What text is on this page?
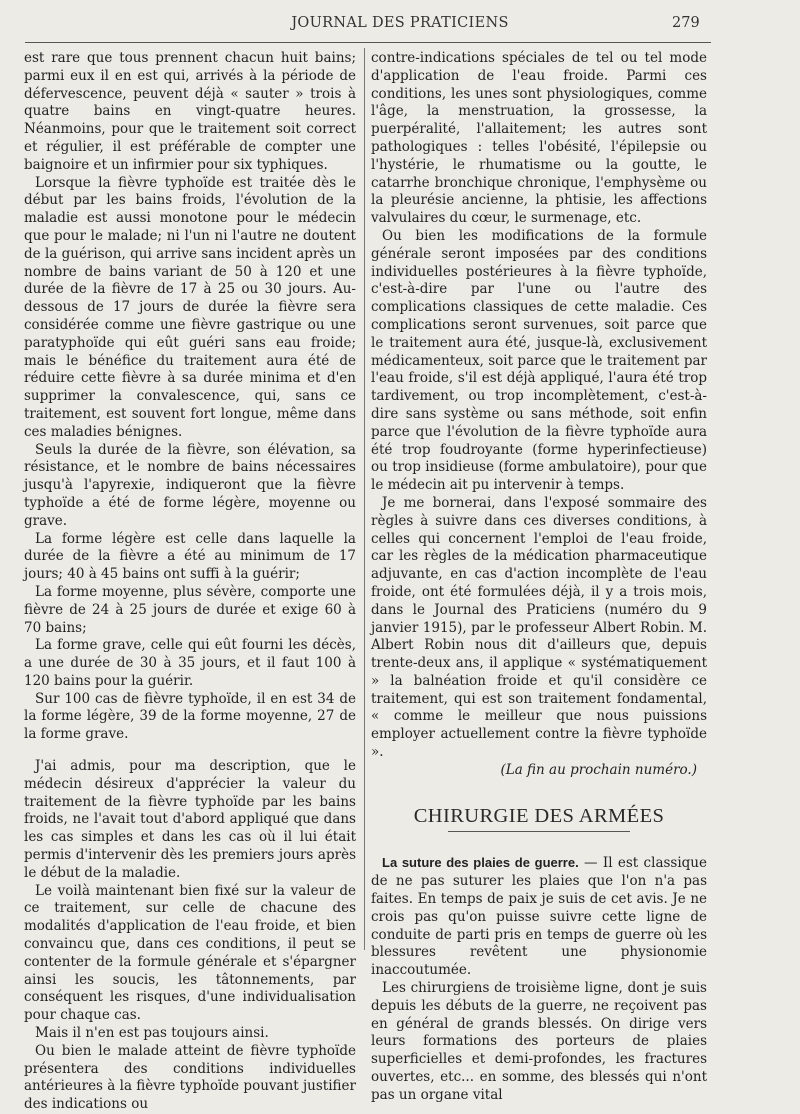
JOURNAL DES PRATICIENS	279

est rare que tous prennent chacun huit bains; parmi eux il en est qui, arrivés à la période de défervescence, peuvent déjà « sauter » trois à quatre bains en vingt-quatre heures. Néanmoins, pour que le traitement soit correct et régulier, il est préférable de compter une baignoire et un infirmier pour six typhiques.

Lorsque la fièvre typhoïde est traitée dès le début par les bains froids, l'évolution de la maladie est aussi monotone pour le médecin que pour le malade; ni l'un ni l'autre ne doutent de la guérison, qui arrive sans incident après un nombre de bains variant de 50 à 120 et une durée de la fièvre de 17 à 25 ou 30 jours. Au-dessous de 17 jours de durée la fièvre sera considérée comme une fièvre gastrique ou une paratyphoïde qui eût guéri sans eau froide; mais le bénéfice du traitement aura été de réduire cette fièvre à sa durée minima et d'en supprimer la convalescence, qui, sans ce traitement, est souvent fort longue, même dans ces maladies bénignes.

Seuls la durée de la fièvre, son élévation, sa résistance, et le nombre de bains nécessaires jusqu'à l'apyrexie, indiqueront que la fièvre typhoïde a été de forme légère, moyenne ou grave.

La forme légère est celle dans laquelle la durée de la fièvre a été au minimum de 17 jours; 40 à 45 bains ont suffi à la guérir;

La forme moyenne, plus sévère, comporte une fièvre de 24 à 25 jours de durée et exige 60 à 70 bains;

La forme grave, celle qui eût fourni les décès, a une durée de 30 à 35 jours, et il faut 100 à 120 bains pour la guérir.

Sur 100 cas de fièvre typhoïde, il en est 34 de la forme légère, 39 de la forme moyenne, 27 de la forme grave.

J'ai admis, pour ma description, que le médecin désireux d'apprécier la valeur du traitement de la fièvre typhoïde par les bains froids, ne l'avait tout d'abord appliqué que dans les cas simples et dans les cas où il lui était permis d'intervenir dès les premiers jours après le début de la maladie.

Le voilà maintenant bien fixé sur la valeur de ce traitement, sur celle de chacune des modalités d'application de l'eau froide, et bien convaincu que, dans ces conditions, il peut se contenter de la formule générale et s'épargner ainsi les soucis, les tâtonnements, par conséquent les risques, d'une individualisation pour chaque cas.

Mais il n'en est pas toujours ainsi.

Ou bien le malade atteint de fièvre typhoïde présentera des conditions individuelles antérieures à la fièvre typhoïde pouvant justifier des indications ou

contre-indications spéciales de tel ou tel mode d'application de l'eau froide. Parmi ces conditions, les unes sont physiologiques, comme l'âge, la menstruation, la grossesse, la puerpéralité, l'allaitement; les autres sont pathologiques : telles l'obésité, l'épilepsie ou l'hystérie, le rhumatisme ou la goutte, le catarrhe bronchique chronique, l'emphysème ou la pleurésie ancienne, la phtisie, les affections valvulaires du cœur, le surmenage, etc.

Ou bien les modifications de la formule générale seront imposées par des conditions individuelles postérieures à la fièvre typhoïde, c'est-à-dire par l'une ou l'autre des complications classiques de cette maladie. Ces complications seront survenues, soit parce que le traitement aura été, jusque-là, exclusivement médicamenteux, soit parce que le traitement par l'eau froide, s'il est déjà appliqué, l'aura été trop tardivement, ou trop incomplètement, c'est-à-dire sans système ou sans méthode, soit enfin parce que l'évolution de la fièvre typhoïde aura été trop foudroyante (forme hyperinfectieuse) ou trop insidieuse (forme ambulatoire), pour que le médecin ait pu intervenir à temps.

Je me bornerai, dans l'exposé sommaire des règles à suivre dans ces diverses conditions, à celles qui concernent l'emploi de l'eau froide, car les règles de la médication pharmaceutique adjuvante, en cas d'action incomplète de l'eau froide, ont été formulées déjà, il y a trois mois, dans le Journal des Praticiens (numéro du 9 janvier 1915), par le professeur Albert Robin. M. Albert Robin nous dit d'ailleurs que, depuis trente-deux ans, il applique « systématiquement » la balnéation froide et qu'il considère ce traitement, qui est son traitement fondamental, « comme le meilleur que nous puissions employer actuellement contre la fièvre typhoïde ».

(La fin au prochain numéro.)

CHIRURGIE DES ARMÉES

La suture des plaies de guerre. — Il est classique de ne pas suturer les plaies que l'on n'a pas faites. En temps de paix je suis de cet avis. Je ne crois pas qu'on puisse suivre cette ligne de conduite de parti pris en temps de guerre où les blessures revêtent une physionomie inaccoutumée.

Les chirurgiens de troisième ligne, dont je suis depuis les débuts de la guerre, ne reçoivent pas en général de grands blessés. On dirige vers leurs formations des porteurs de plaies superficielles et demi-profondes, les fractures ouvertes, etc... en somme, des blessés qui n'ont pas un organe vital
